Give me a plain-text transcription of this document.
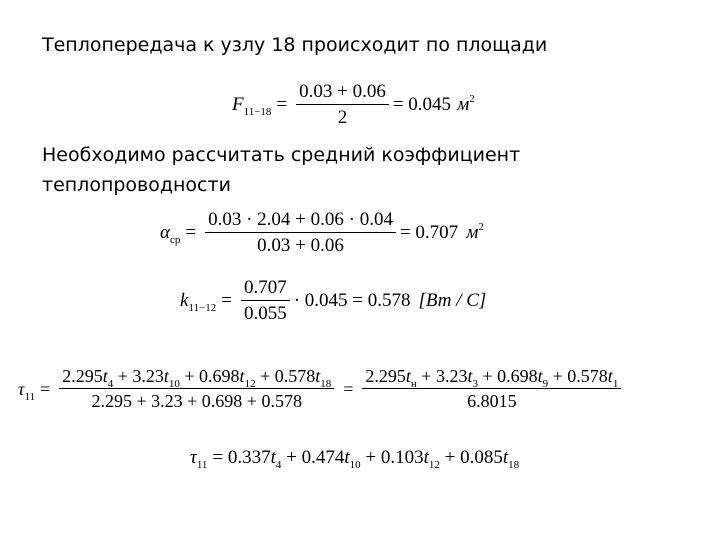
Теплопередача к узлу 18 происходит по площади
$F_{11-18} = \frac{0.03 + 0.06}{2} = 0.045$ $м^2$
Необходимо рассчитать средний коэффициент
теплопроводности
$\alpha_{ср} = \frac{0.03 \cdot 2.04 + 0.06 \cdot 0.04}{0.03 + 0.06} = 0.707$ $м^2$
$k_{11-12} = \frac{0.707}{0.055} \cdot 0.045 = 0.578$ [Вт / С]
$\tau_{11} = \frac{2.295t_4 + 3.23t_{10} + 0.698t_{12} + 0.578t_{18}}{2.295 + 3.23 + 0.698 + 0.578} = \frac{2.295t_н + 3.23t_3 + 0.698t_9 + 0.578t_1}{6.8015}$
$\tau_{11} = 0.337t_4 + 0.474t_{10} + 0.103t_{12} + 0.085t_{18}$
